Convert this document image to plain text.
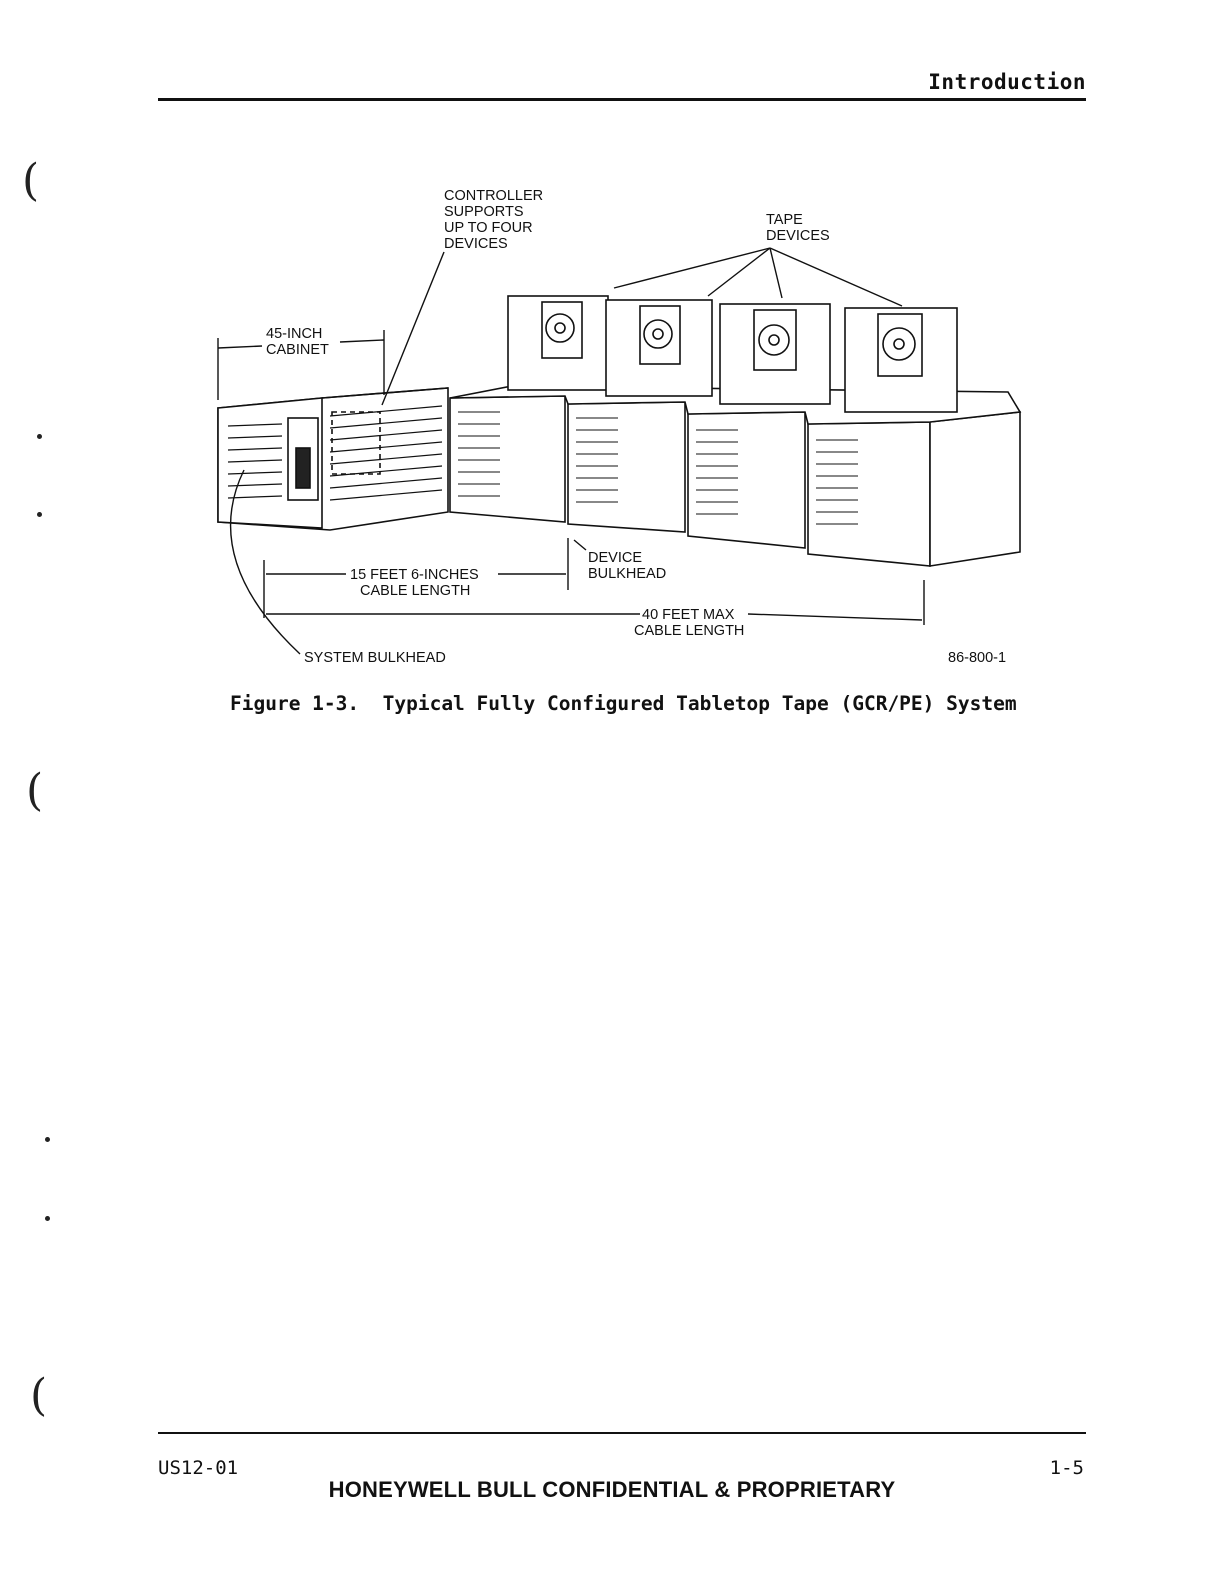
(
(
(
Introduction
CONTROLLER SUPPORTS UP TO FOUR DEVICES
TAPE DEVICES
45-INCH CABINET
DEVICE BULKHEAD
15 FEET 6-INCHES CABLE LENGTH
40 FEET MAX CABLE LENGTH
SYSTEM BULKHEAD	86-800-1
Figure 1-3.  Typical Fully Configured Tabletop Tape (GCR/PE) System
US12-01	1-5
HONEYWELL BULL CONFIDENTIAL & PROPRIETARY
